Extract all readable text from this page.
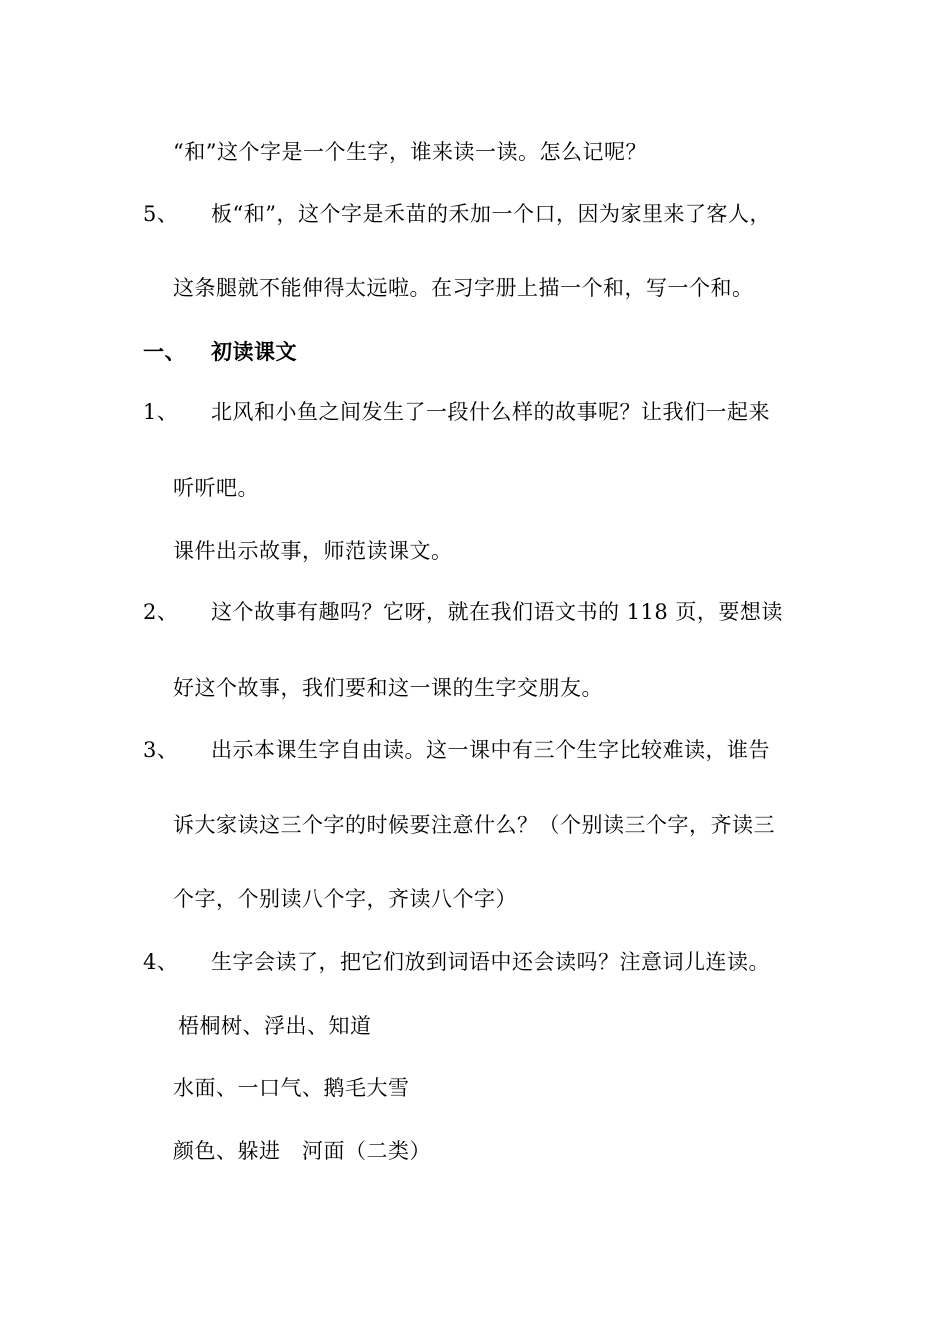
“和”这个字是一个生字，谁来读一读。怎么记呢？
5、 板“和”，这个字是禾苗的禾加一个口，因为家里来了客人，
这条腿就不能伸得太远啦。在习字册上描一个和，写一个和。
一、 初读课文
1、 北风和小鱼之间发生了一段什么样的故事呢？让我们一起来
听听吧。
课件出示故事，师范读课文。
2、 这个故事有趣吗？它呀，就在我们语文书的 118 页，要想读
好这个故事，我们要和这一课的生字交朋友。
3、 出示本课生字自由读。这一课中有三个生字比较难读，谁告
诉大家读这三个字的时候要注意什么？（个别读三个字，齐读三
个字，个别读八个字，齐读八个字）
4、 生字会读了，把它们放到词语中还会读吗？注意词儿连读。
梧桐树、浮出、知道
水面、一口气、鹅毛大雪
颜色、躲进　河面（二类）
